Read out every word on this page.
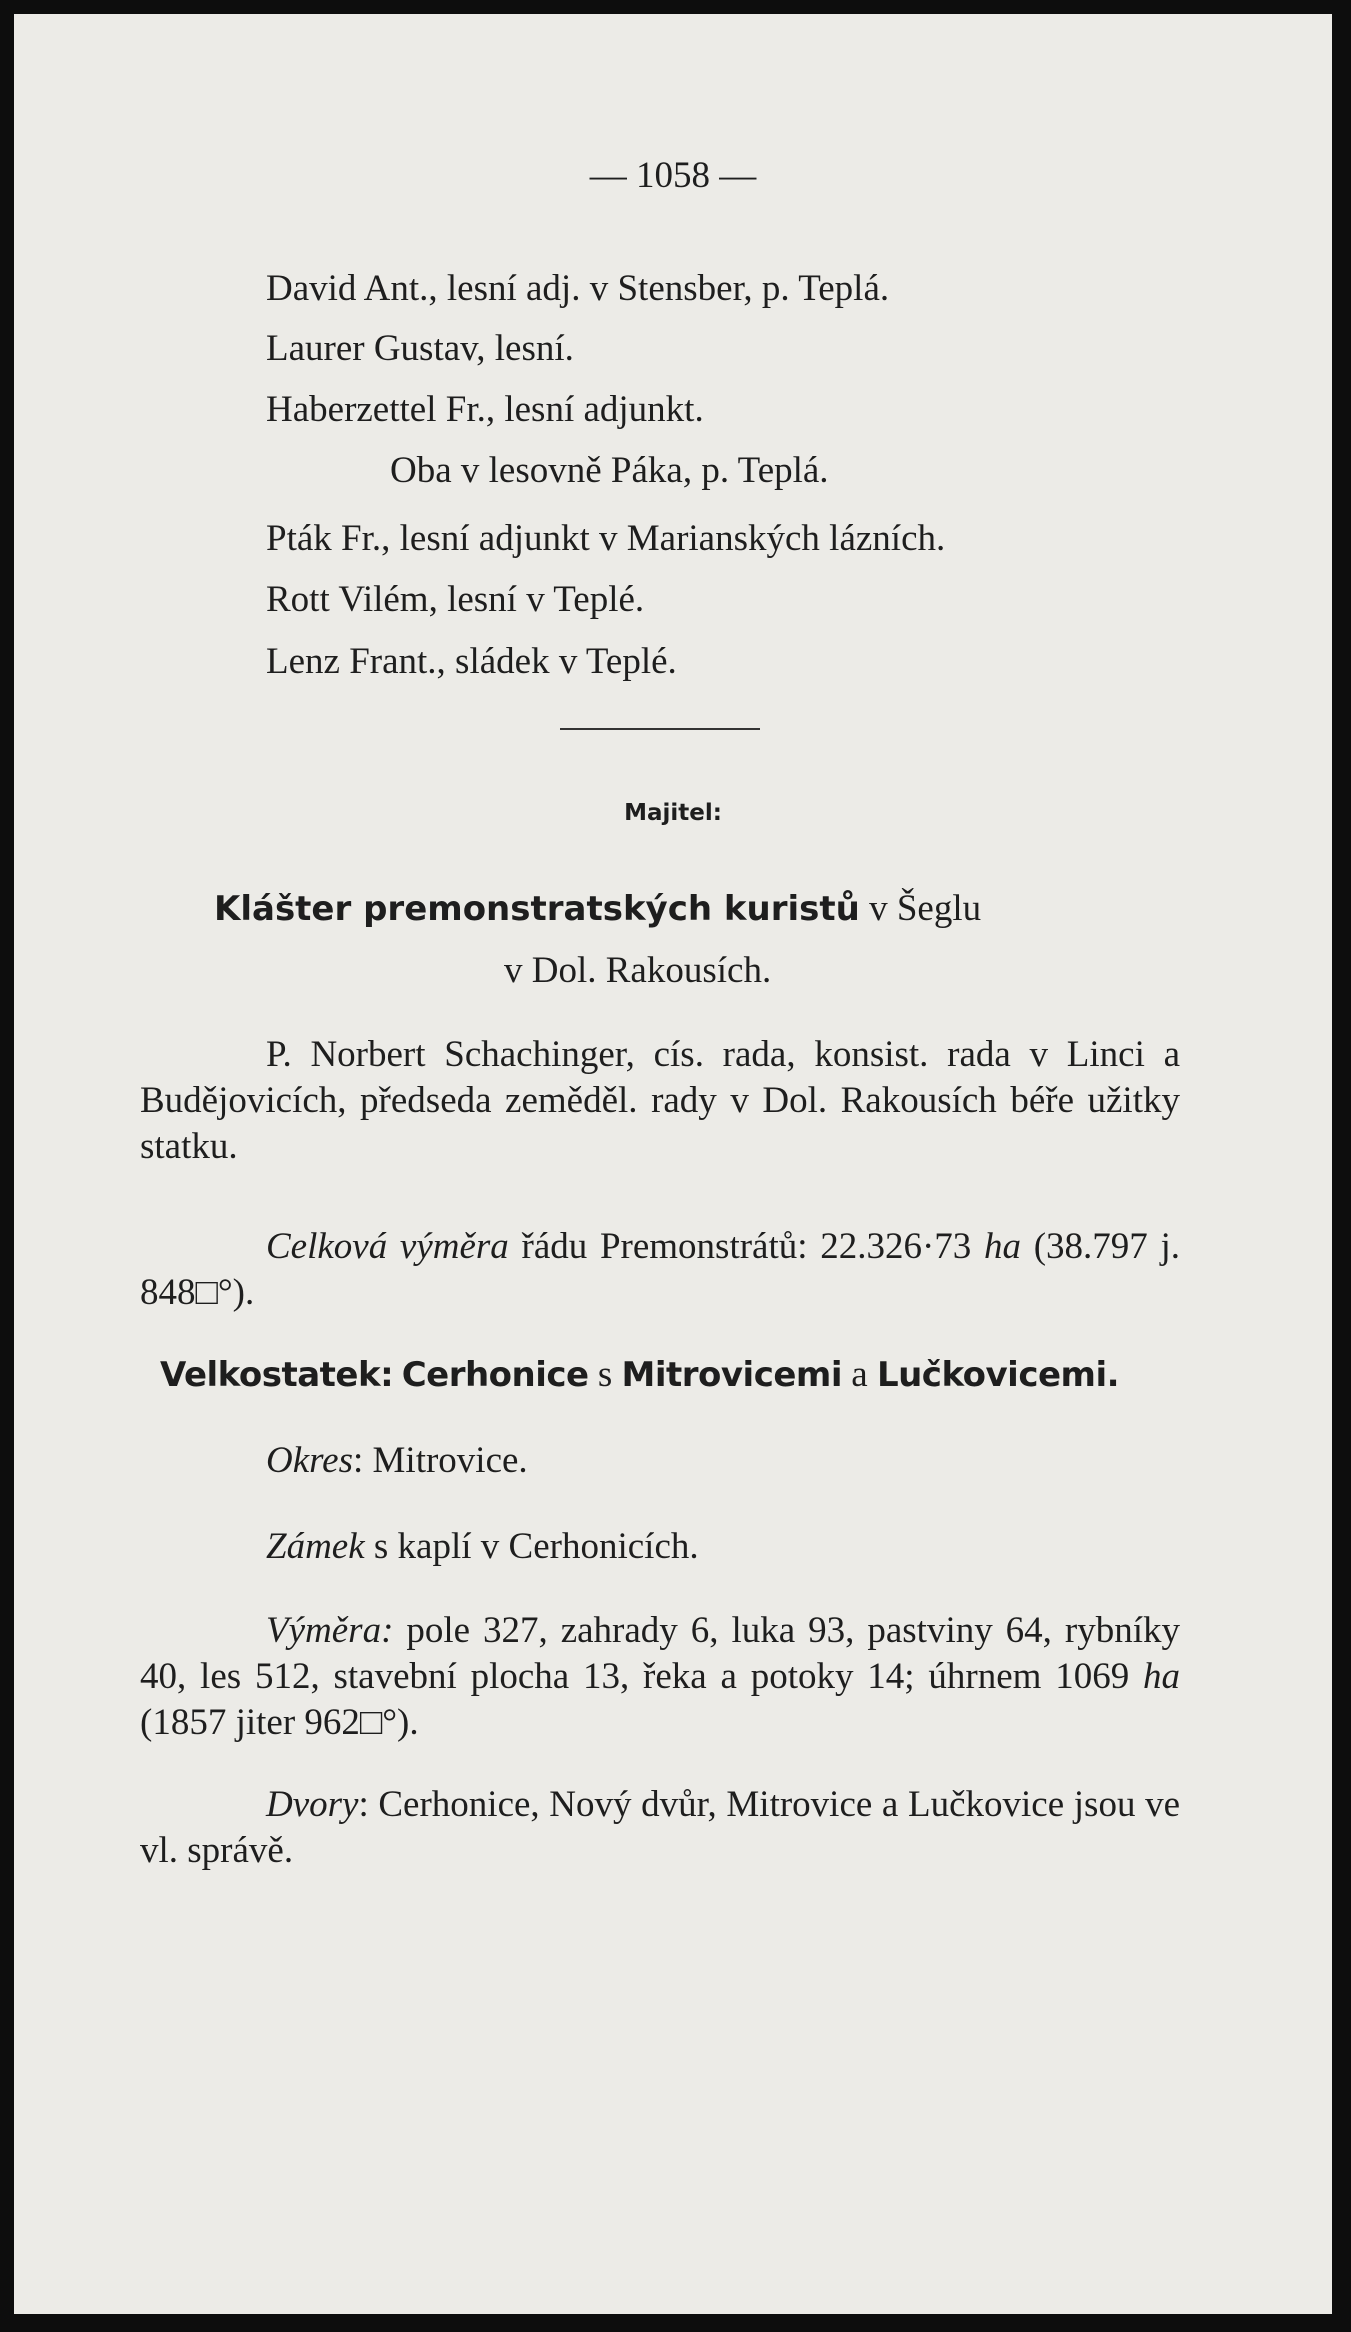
— 1058 —
David Ant., lesní adj. v Stensber, p. Teplá.
Laurer Gustav, lesní.
Haberzettel Fr., lesní adjunkt.
Oba v lesovně Páka, p. Teplá.
Pták Fr., lesní adjunkt v Marianských lázních.
Rott Vilém, lesní v Teplé.
Lenz Frant., sládek v Teplé.
Majitel:
Klášter premonstratských kuristů v Šeglu
v Dol. Rakousích.
P. Norbert Schachinger, cís. rada, konsist. rada v Linci a Budějovicích, předseda zeměděl. rady v Dol. Rakousích béře užitky statku.
Celková výměra řádu Premonstrátů: 22.326·73 ha (38.797 j. 848□°).
Velkostatek: Cerhonice s Mitrovicemi a Lučkovicemi.
Okres: Mitrovice.
Zámek s kaplí v Cerhonicích.
Výměra: pole 327, zahrady 6, luka 93, pastviny 64, rybníky 40, les 512, stavební plocha 13, řeka a potoky 14; úhrnem 1069 ha (1857 jiter 962□°).
Dvory: Cerhonice, Nový dvůr, Mitrovice a Lučkovice jsou ve vl. správě.
